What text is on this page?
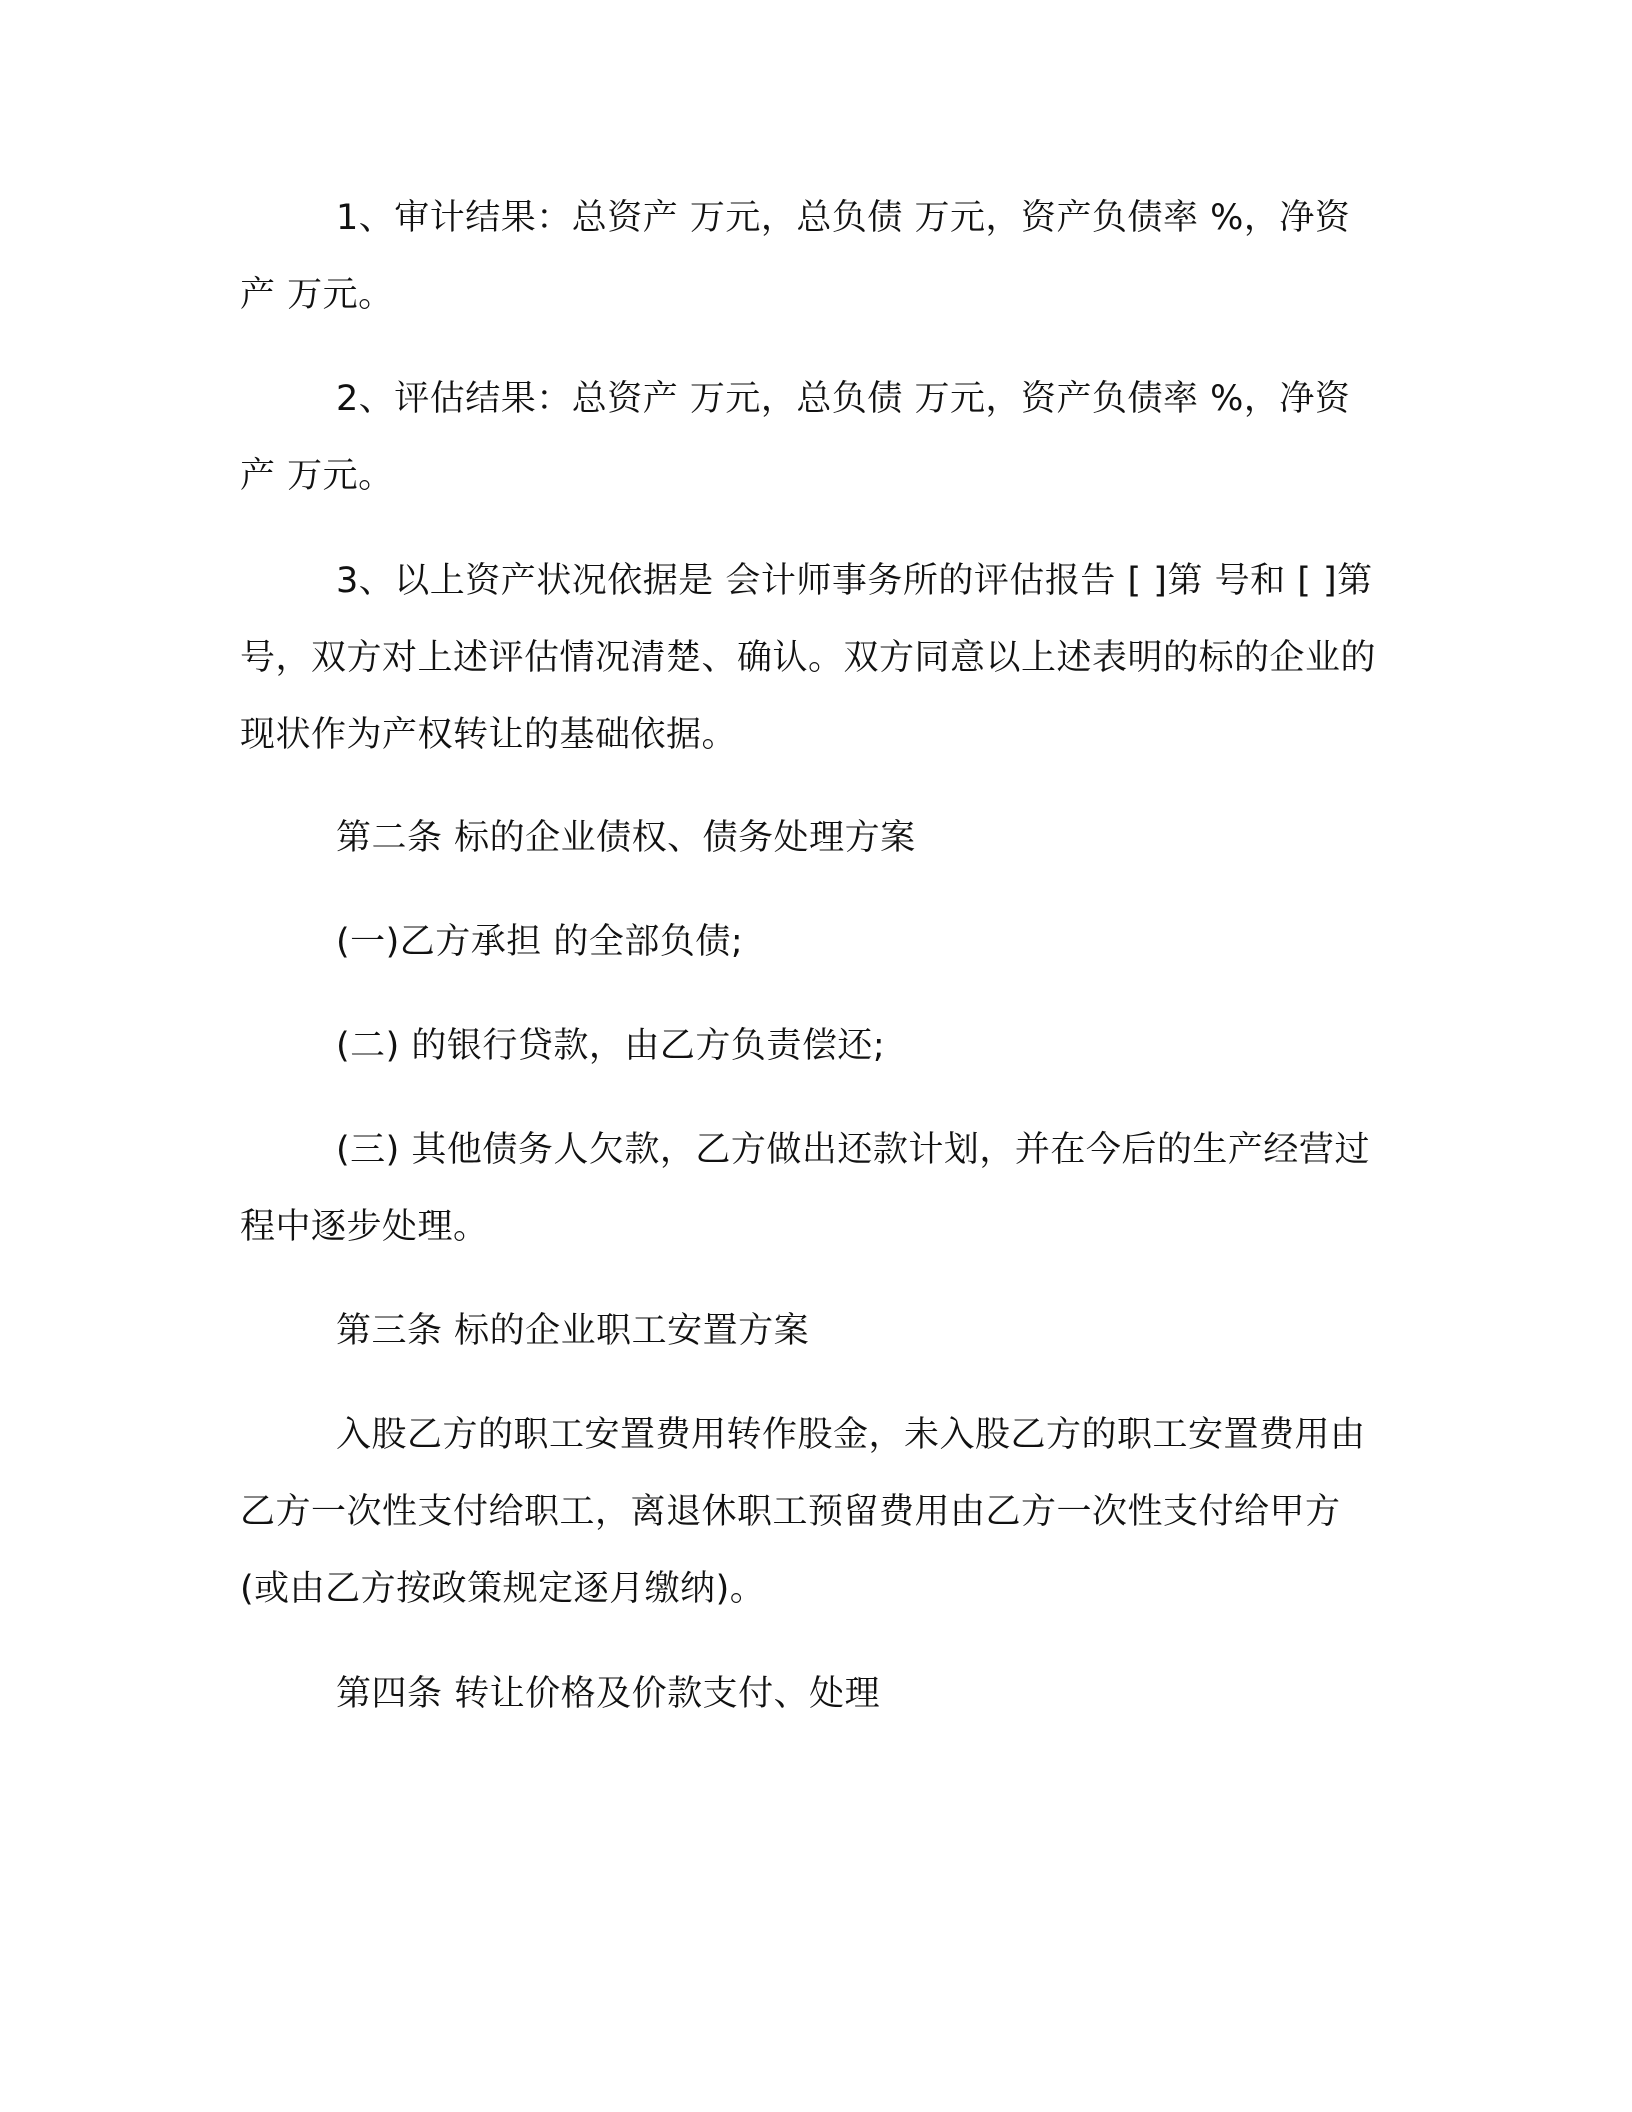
1、审计结果：总资产 万元，总负债 万元，资产负债率 %，净资产 万元。

2、评估结果：总资产 万元，总负债 万元，资产负债率 %，净资产 万元。

3、以上资产状况依据是 会计师事务所的评估报告 [ ]第 号和 [ ]第 号，双方对上述评估情况清楚、确认。双方同意以上述表明的标的企业的现状作为产权转让的基础依据。

第二条 标的企业债权、债务处理方案

(一)乙方承担 的全部负债;

(二) 的银行贷款，由乙方负责偿还;

(三) 其他债务人欠款，乙方做出还款计划，并在今后的生产经营过程中逐步处理。

第三条 标的企业职工安置方案

入股乙方的职工安置费用转作股金，未入股乙方的职工安置费用由乙方一次性支付给职工，离退休职工预留费用由乙方一次性支付给甲方(或由乙方按政策规定逐月缴纳)。

第四条 转让价格及价款支付、处理
